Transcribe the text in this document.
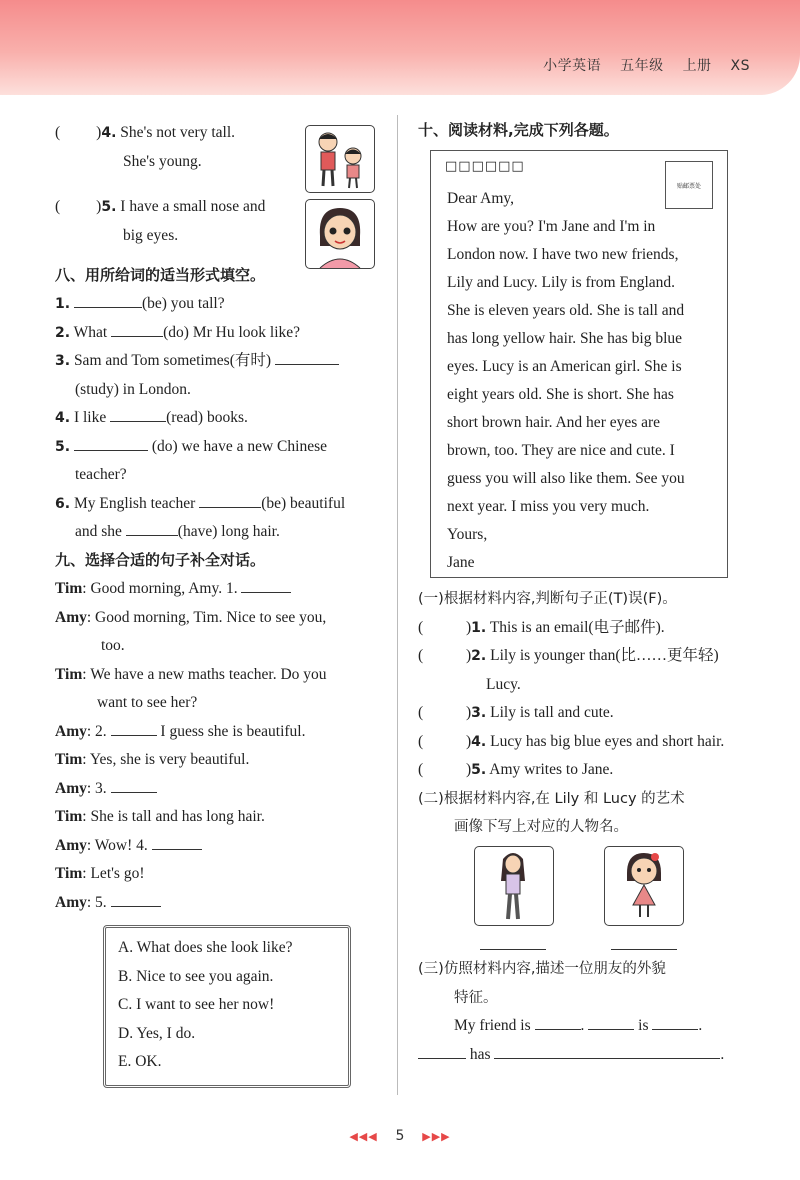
小学英语 五年级 上册 XS
( )4. She's not very tall.
She's young.
( )5. I have a small nose and
big eyes.
八、用所给词的适当形式填空。
1.	(be) you tall?
2. What	(do) Mr Hu look like?
3. Sam and Tom sometimes(有时)
(study) in London.
4. I like	(read) books.
5.	(do) we have a new Chinese
teacher?
6. My English teacher	(be) beautiful
and she	(have) long hair.
九、选择合适的句子补全对话。
Tim: Good morning, Amy. 1.
Amy: Good morning, Tim. Nice to see you,
too.
Tim: We have a new maths teacher. Do you
want to see her?
Amy: 2.	I guess she is beautiful.
Tim: Yes, she is very beautiful.
Amy: 3.
Tim: She is tall and has long hair.
Amy: Wow! 4.
Tim: Let's go!
Amy: 5.
A. What does she look like?
B. Nice to see you again.
C. I want to see her now!
D. Yes, I do.
E. OK.
十、阅读材料,完成下列各题。
□□□□□□
贴邮票处
Dear Amy,
How are you? I'm Jane and I'm in
London now. I have two new friends,
Lily and Lucy. Lily is from England.
She is eleven years old. She is tall and
has long yellow hair. She has big blue
eyes. Lucy is an American girl. She is
eight years old. She is short. She has
short brown hair. And her eyes are
brown, too. They are nice and cute. I
guess you will also like them. See you
next year. I miss you very much.
Yours,
Jane
(一)根据材料内容,判断句子正(T)误(F)。
(	)1. This is an email(电子邮件).
(	)2. Lily is younger than(比……更年轻)
Lucy.
(	)3. Lily is tall and cute.
(	)4. Lucy has big blue eyes and short hair.
(	)5. Amy writes to Jane.
(二)根据材料内容,在 Lily 和 Lucy 的艺术
画像下写上对应的人物名。
(三)仿照材料内容,描述一位朋友的外貌
特征。
My friend is	.	is	.
has	.
◀◀◀ 5 ▶▶▶
